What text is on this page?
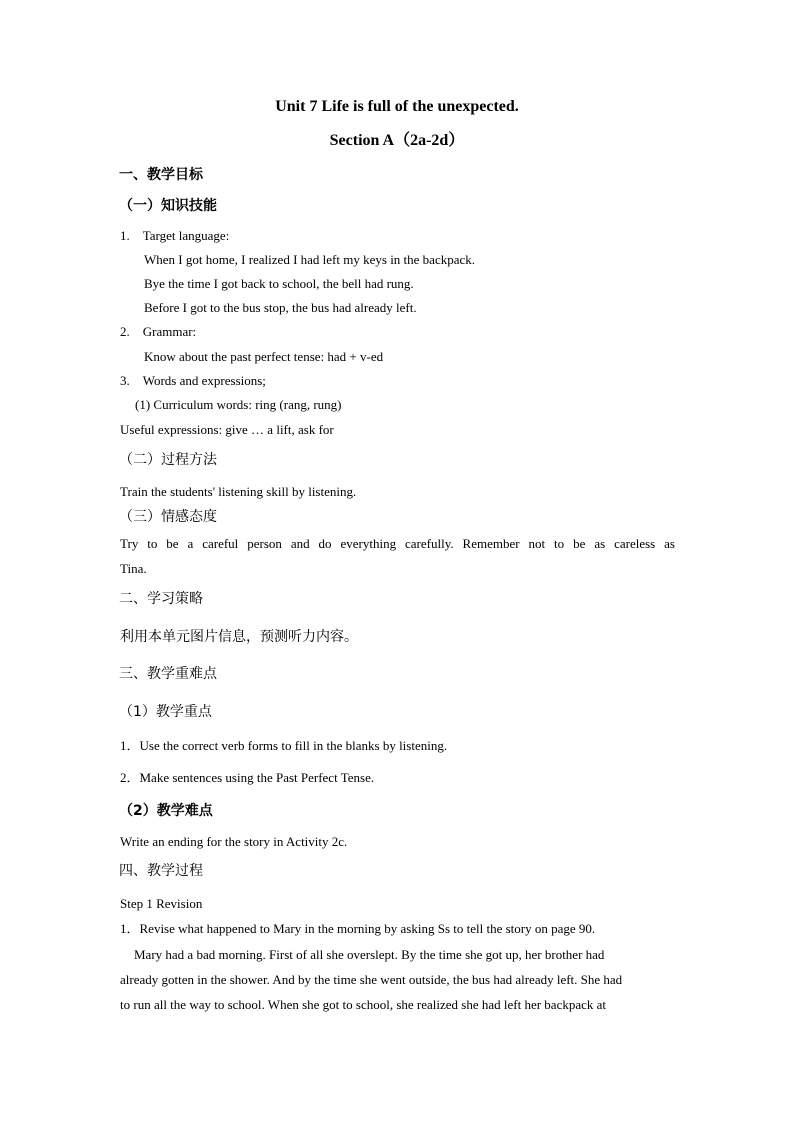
Unit 7 Life is full of the unexpected.
Section A（2a-2d）
一、教学目标
（一）知识技能
1.    Target language:
When I got home, I realized I had left my keys in the backpack.
Bye the time I got back to school, the bell had rung.
Before I got to the bus stop, the bus had already left.
2.    Grammar:
Know about the past perfect tense: had + v-ed
3.    Words and expressions;
(1) Curriculum words: ring (rang, rung)
Useful expressions: give … a lift, ask for
（二）过程方法
Train the students' listening skill by listening.
（三）情感态度
Try to be a careful person and do everything carefully. Remember not to be as careless as
Tina.
二、学习策略
利用本单元图片信息，预测听力内容。
三、教学重难点
（1）教学重点
1．Use the correct verb forms to fill in the blanks by listening.
2．Make sentences using the Past Perfect Tense.
（2）教学难点
Write an ending for the story in Activity 2c.
四、教学过程
Step 1 Revision
1．Revise what happened to Mary in the morning by asking Ss to tell the story on page 90.
Mary had a bad morning. First of all she overslept. By the time she got up, her brother had
already gotten in the shower. And by the time she went outside, the bus had already left. She had
to run all the way to school. When she got to school, she realized she had left her backpack at
